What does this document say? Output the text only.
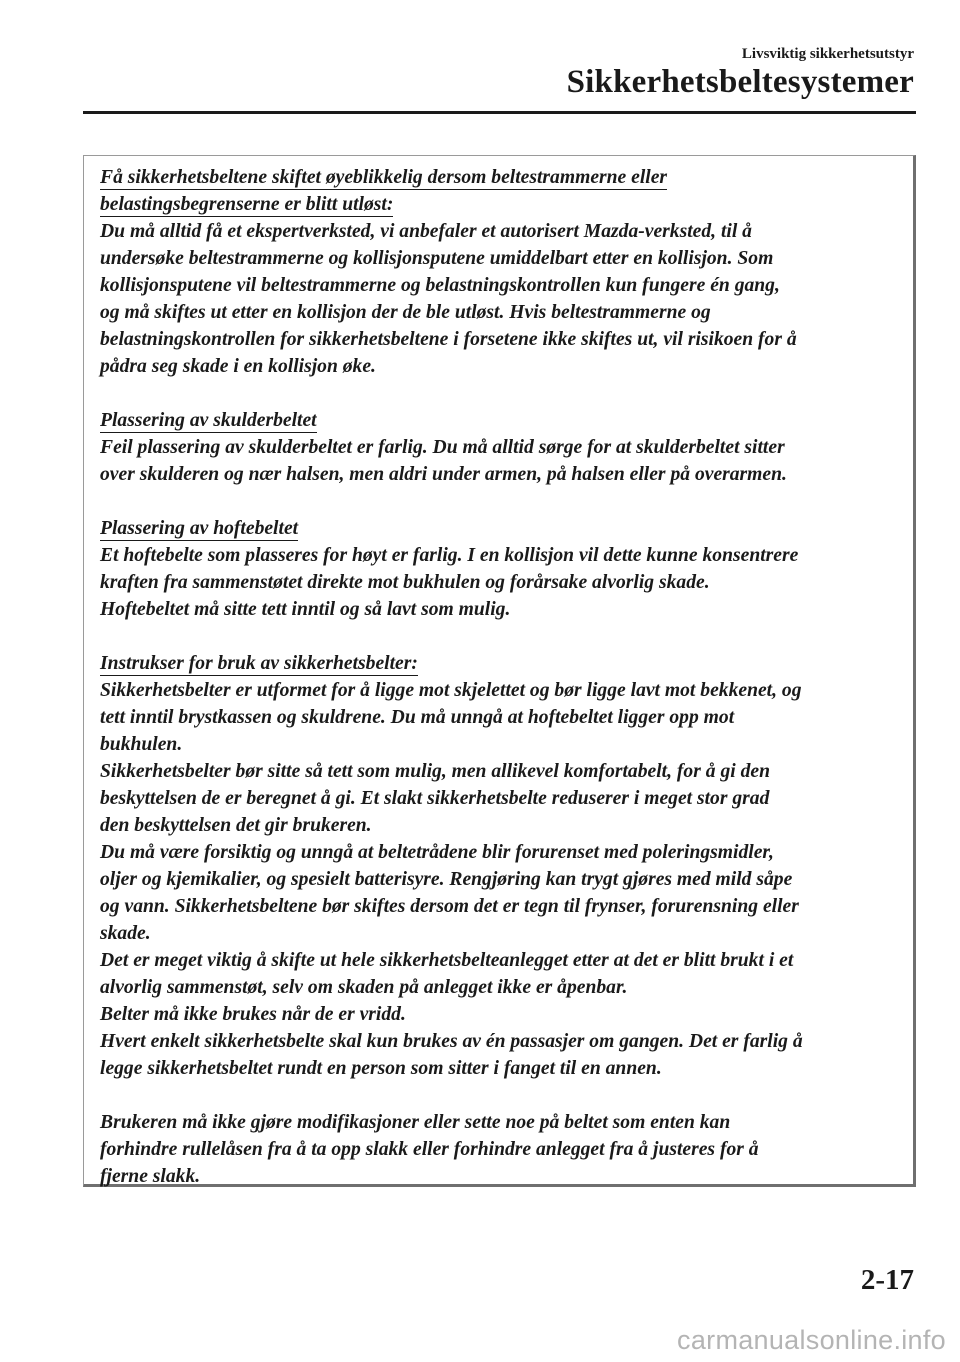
Livsviktig sikkerhetsutstyr
Sikkerhetsbeltesystemer
Få sikkerhetsbeltene skiftet øyeblikkelig dersom beltestrammerne eller
belastingsbegrenserne er blitt utløst:
Du må alltid få et ekspertverksted, vi anbefaler et autorisert Mazda-verksted, til å
undersøke beltestrammerne og kollisjonsputene umiddelbart etter en kollisjon. Som
kollisjonsputene vil beltestrammerne og belastningskontrollen kun fungere én gang,
og må skiftes ut etter en kollisjon der de ble utløst. Hvis beltestrammerne og
belastningskontrollen for sikkerhetsbeltene i forsetene ikke skiftes ut, vil risikoen for å
pådra seg skade i en kollisjon øke.
Plassering av skulderbeltet
Feil plassering av skulderbeltet er farlig. Du må alltid sørge for at skulderbeltet sitter
over skulderen og nær halsen, men aldri under armen, på halsen eller på overarmen.
Plassering av hoftebeltet
Et hoftebelte som plasseres for høyt er farlig. I en kollisjon vil dette kunne konsentrere
kraften fra sammenstøtet direkte mot bukhulen og forårsake alvorlig skade.
Hoftebeltet må sitte tett inntil og så lavt som mulig.
Instrukser for bruk av sikkerhetsbelter:
Sikkerhetsbelter er utformet for å ligge mot skjelettet og bør ligge lavt mot bekkenet, og
tett inntil brystkassen og skuldrene. Du må unngå at hoftebeltet ligger opp mot
bukhulen.
Sikkerhetsbelter bør sitte så tett som mulig, men allikevel komfortabelt, for å gi den
beskyttelsen de er beregnet å gi. Et slakt sikkerhetsbelte reduserer i meget stor grad
den beskyttelsen det gir brukeren.
Du må være forsiktig og unngå at beltetrådene blir forurenset med poleringsmidler,
oljer og kjemikalier, og spesielt batterisyre. Rengjøring kan trygt gjøres med mild såpe
og vann. Sikkerhetsbeltene bør skiftes dersom det er tegn til frynser, forurensning eller
skade.
Det er meget viktig å skifte ut hele sikkerhetsbelteanlegget etter at det er blitt brukt i et
alvorlig sammenstøt, selv om skaden på anlegget ikke er åpenbar.
Belter må ikke brukes når de er vridd.
Hvert enkelt sikkerhetsbelte skal kun brukes av én passasjer om gangen. Det er farlig å
legge sikkerhetsbeltet rundt en person som sitter i fanget til en annen.
Brukeren må ikke gjøre modifikasjoner eller sette noe på beltet som enten kan
forhindre rullelåsen fra å ta opp slakk eller forhindre anlegget fra å justeres for å
fjerne slakk.
2-17
carmanualsonline.info
